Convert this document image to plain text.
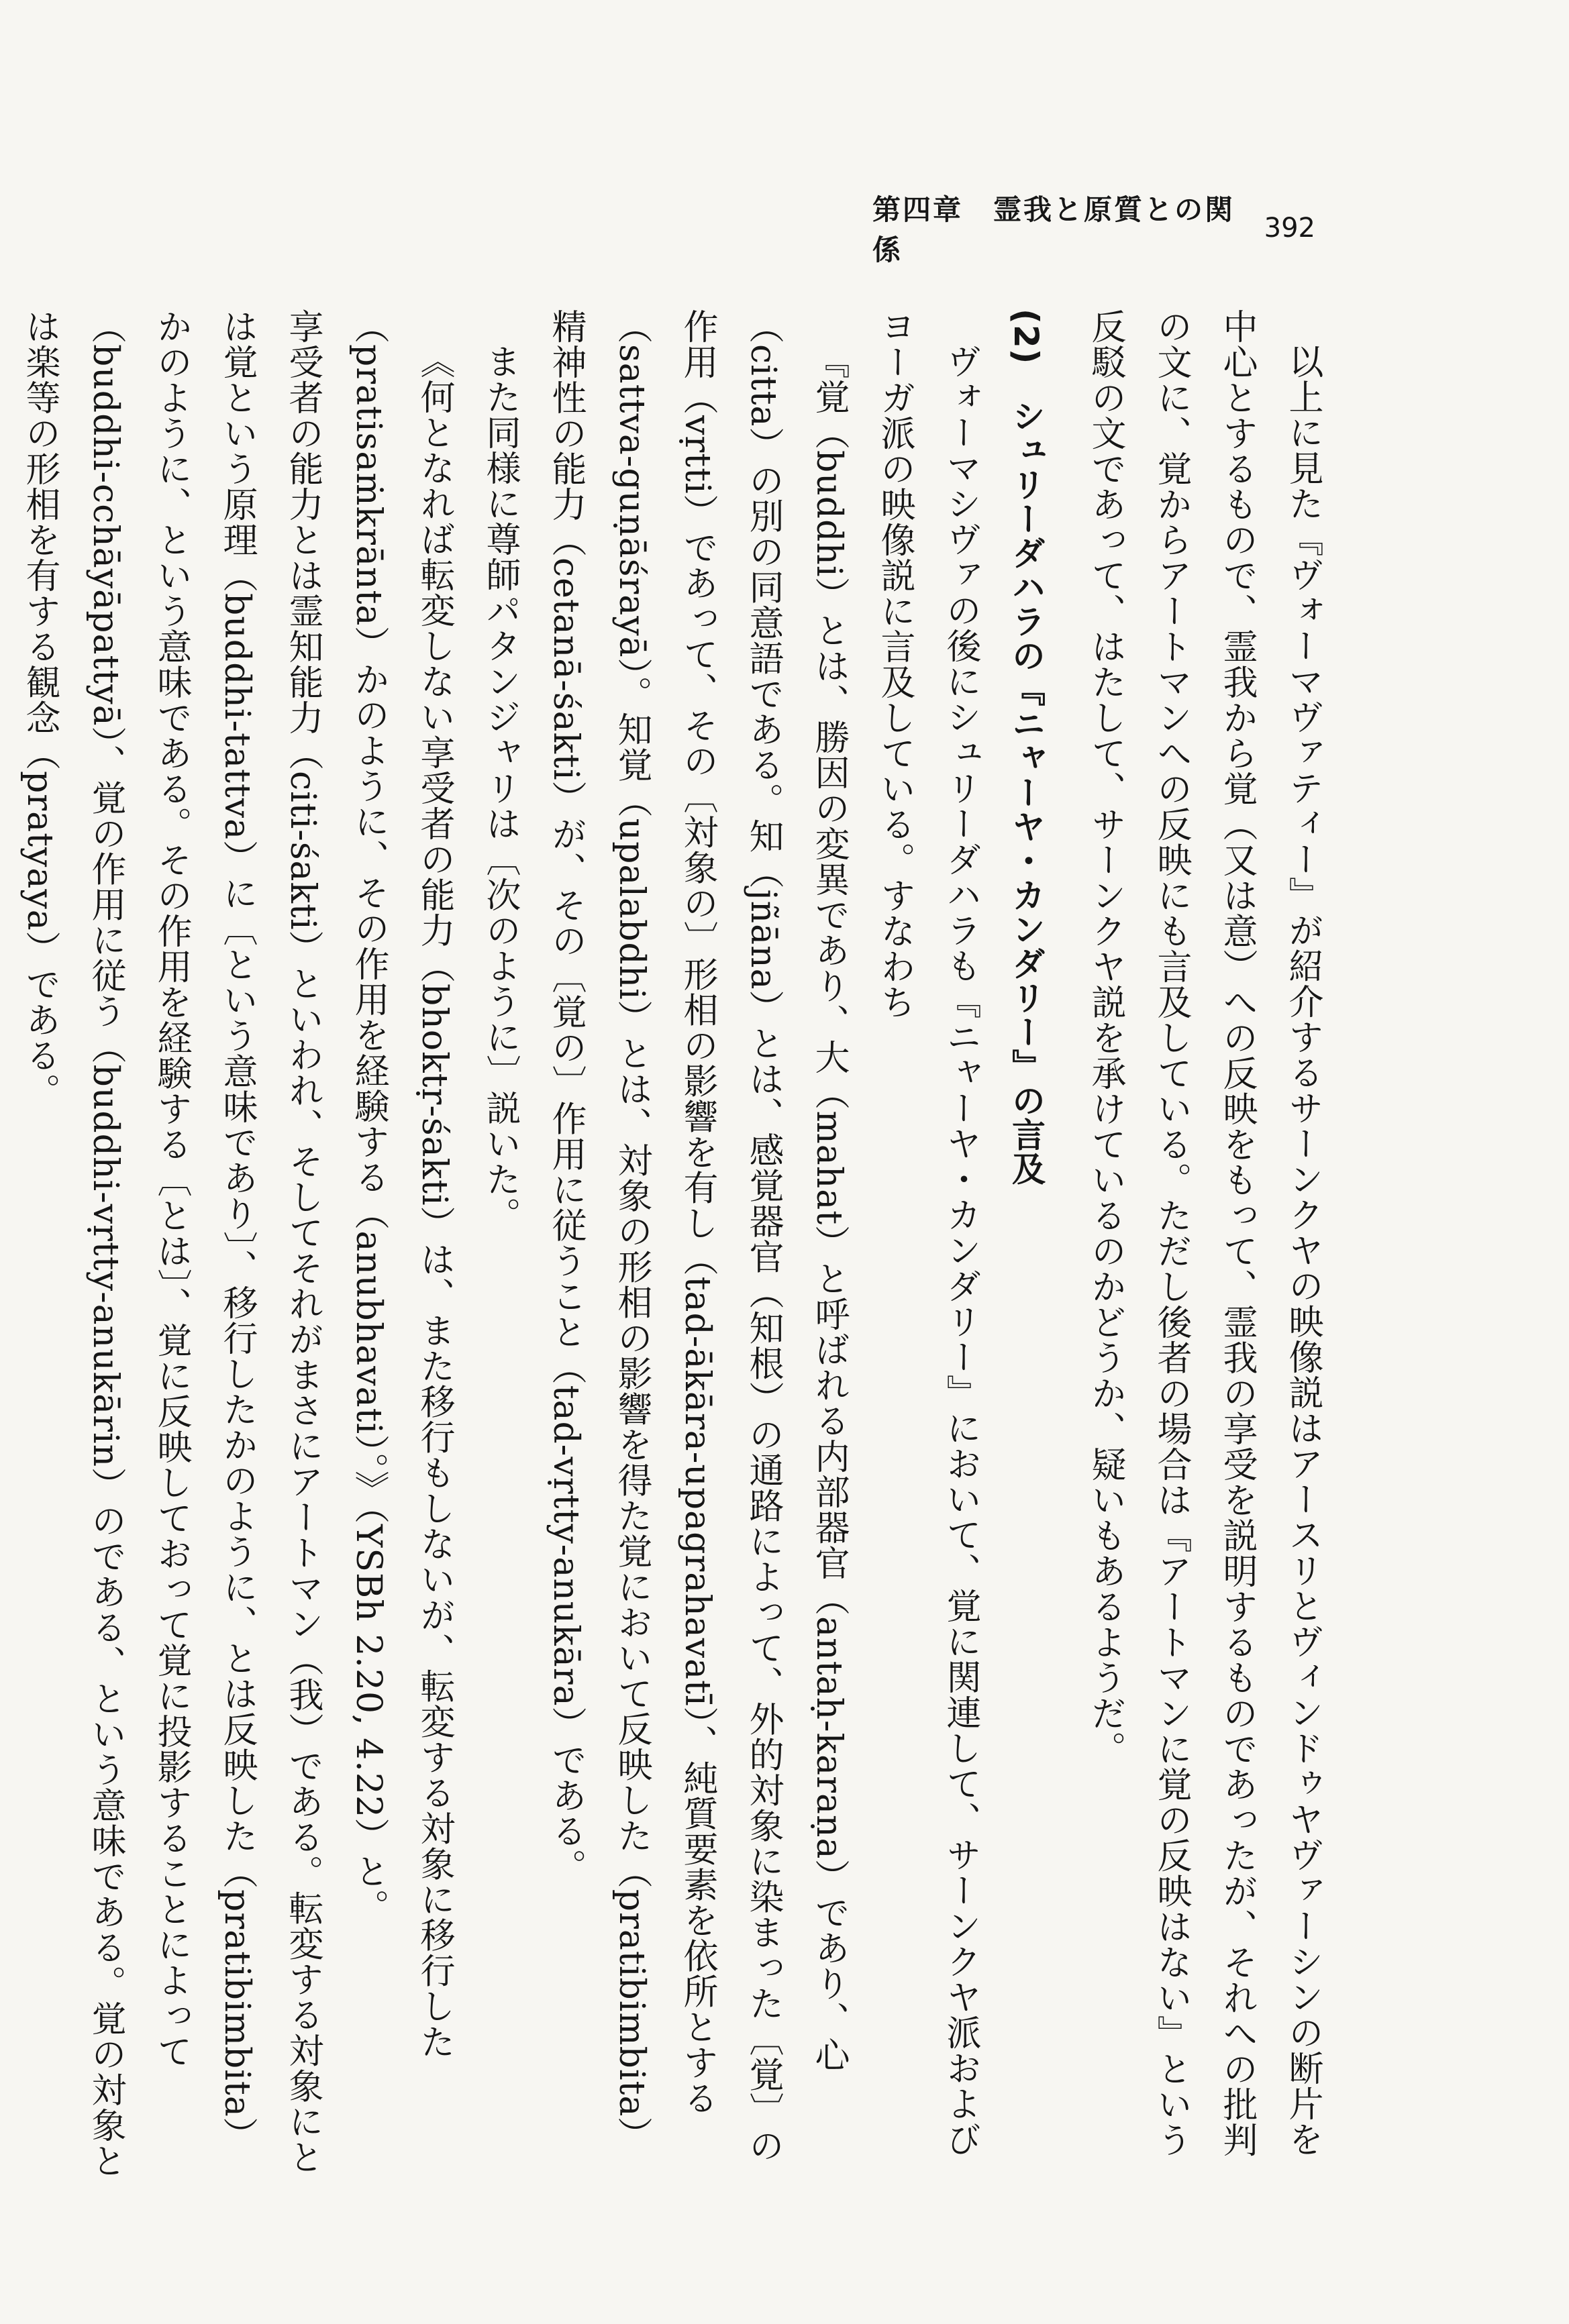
第四章　霊我と原質との関係
392

以上に見た『ヴォーマヴァティー』が紹介するサーンクヤの映像説はアースリとヴィンドゥヤヴァーシンの断片を中心とするもので、霊我から覚（又は意）への反映をもって、霊我の享受を説明するものであったが、それへの批判の文に、覚からアートマンへの反映にも言及している。ただし後者の場合は『アートマンに覚の反映はない』という反駁の文であって、はたして、サーンクヤ説を承けているのかどうか、疑いもあるようだ。

(2)　シュリーダハラの『ニャーヤ・カンダリー』の言及

ヴォーマシヴァの後にシュリーダハラも『ニャーヤ・カンダリー』において、覚に関連して、サーンクヤ派およびヨーガ派の映像説に言及している。すなわち

『覚（buddhi）とは、勝因の変異であり、大（mahat）と呼ばれる内部器官（antaḥ-karaṇa）であり、心（citta）の別の同意語である。知（jñāna）とは、感覚器官（知根）の通路によって、外的対象に染まった〔覚〕の作用（vṛtti）であって、その〔対象の〕形相の影響を有し（tad-ākāra-upagrahavatī）、純質要素を依所とする（sattva-guṇāśrayā）。知覚（upalabdhi）とは、対象の形相の影響を得た覚において反映した（pratibimbita）精神性の能力（cetanā-śakti）が、その〔覚の〕作用に従うこと（tad-vṛtty-anukāra）である。

また同様に尊師パタンジャリは〔次のように〕説いた。

《何となれば転変しない享受者の能力（bhoktṛ-śakti）は、また移行もしないが、転変する対象に移行した（pratisaṁkrānta）かのように、その作用を経験する（anubhavati）。》（YSBh 2.20, 4.22）と。

享受者の能力とは霊知能力（citi-śakti）といわれ、そしてそれがまさにアートマン（我）である。転変する対象にとは覚という原理（buddhi-tattva）に〔という意味であり〕、移行したかのように、とは反映した（pratibimbita）かのように、という意味である。その作用を経験する〔とは〕、覚に反映しておって覚に投影することによって（buddhi-cchāyāpattyā）、覚の作用に従う（buddhi-vṛtty-anukārin）のである、という意味である。覚の対象とは楽等の形相を有する観念（pratyaya）である。
